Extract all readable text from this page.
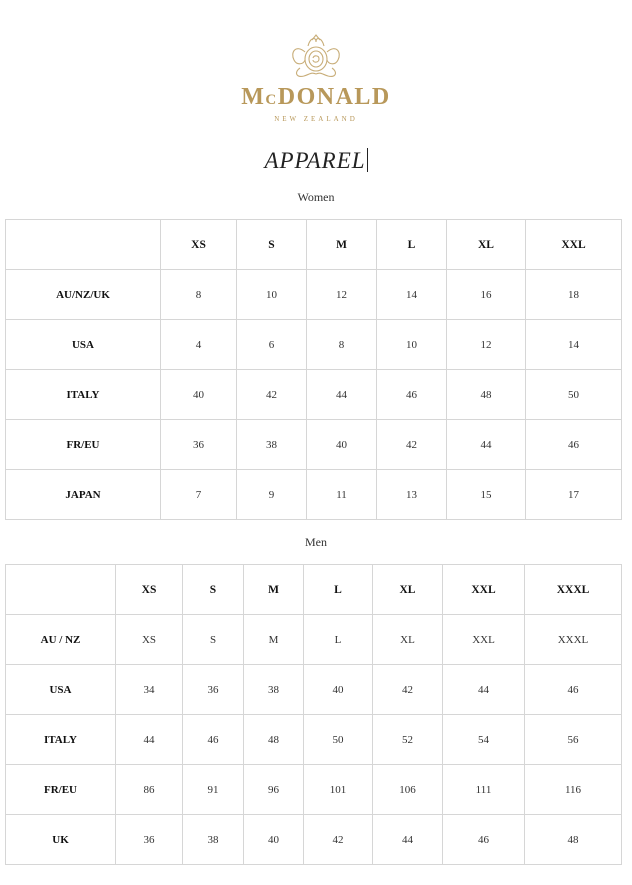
MCDONALD
NEW ZEALAND
APPAREL
Women
	XS	S	M	L	XL	XXL
AU/NZ/UK	8	10	12	14	16	18
USA	4	6	8	10	12	14
ITALY	40	42	44	46	48	50
FR/EU	36	38	40	42	44	46
JAPAN	7	9	11	13	15	17
Men
	XS	S	M	L	XL	XXL	XXXL
AU / NZ	XS	S	M	L	XL	XXL	XXXL
USA	34	36	38	40	42	44	46
ITALY	44	46	48	50	52	54	56
FR/EU	86	91	96	101	106	111	116
UK	36	38	40	42	44	46	48
